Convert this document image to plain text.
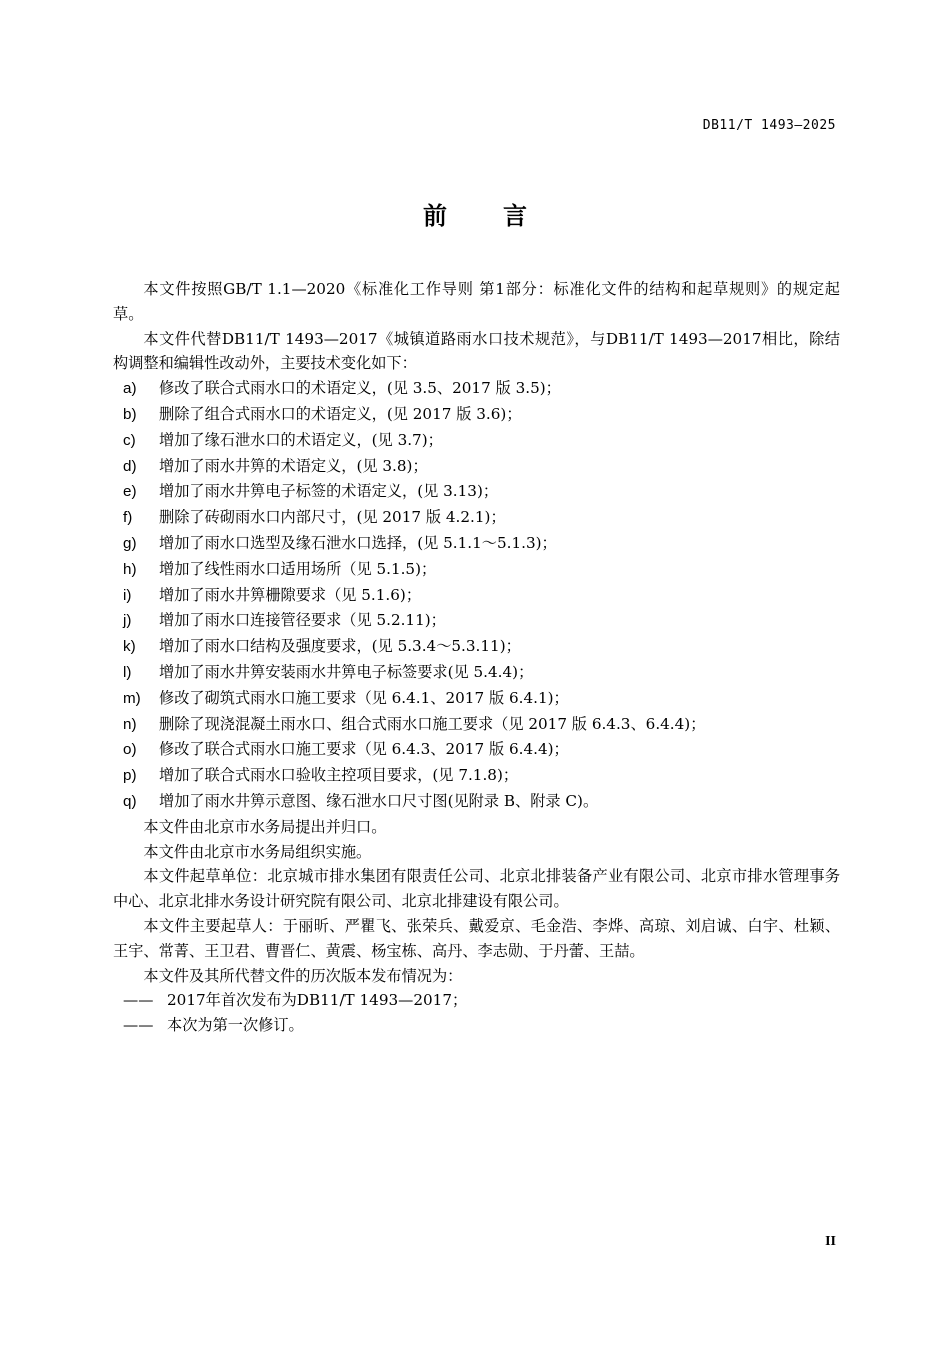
DB11/T 1493—2025
前言

本文件按照GB/T 1.1—2020《标准化工作导则 第1部分：标准化文件的结构和起草规则》的规定起草。

本文件代替DB11/T 1493—2017《城镇道路雨水口技术规范》，与DB11/T 1493—2017相比，除结构调整和编辑性改动外，主要技术变化如下：

a) 修改了联合式雨水口的术语定义，(见 3.5、2017 版 3.5)；

b) 删除了组合式雨水口的术语定义，(见 2017 版 3.6)；

c) 增加了缘石泄水口的术语定义，(见 3.7)；

d) 增加了雨水井箅的术语定义，(见 3.8)；

e) 增加了雨水井箅电子标签的术语定义，(见 3.13)；

f) 删除了砖砌雨水口内部尺寸，(见 2017 版 4.2.1)；

g) 增加了雨水口选型及缘石泄水口选择，(见 5.1.1～5.1.3)；

h) 增加了线性雨水口适用场所（见 5.1.5)；

i) 增加了雨水井箅栅隙要求（见 5.1.6)；

j) 增加了雨水口连接管径要求（见 5.2.11)；

k) 增加了雨水口结构及强度要求，(见 5.3.4～5.3.11)；

l) 增加了雨水井箅安装雨水井箅电子标签要求(见 5.4.4)；

m) 修改了砌筑式雨水口施工要求（见 6.4.1、2017 版 6.4.1)；

n) 删除了现浇混凝土雨水口、组合式雨水口施工要求（见 2017 版 6.4.3、6.4.4)；

o) 修改了联合式雨水口施工要求（见 6.4.3、2017 版 6.4.4)；

p) 增加了联合式雨水口验收主控项目要求，(见 7.1.8)；

q) 增加了雨水井箅示意图、缘石泄水口尺寸图(见附录 B、附录 C)。

本文件由北京市水务局提出并归口。

本文件由北京市水务局组织实施。

本文件起草单位：北京城市排水集团有限责任公司、北京北排装备产业有限公司、北京市排水管理事务中心、北京北排水务设计研究院有限公司、北京北排建设有限公司。

本文件主要起草人：于丽昕、严瞿飞、张荣兵、戴爱京、毛金浩、李烨、高琼、刘启诚、白宇、杜颖、王宇、常菁、王卫君、曹晋仁、黄震、杨宝栋、高丹、李志勋、于丹蕾、王喆。

本文件及其所代替文件的历次版本发布情况为：

—— 2017年首次发布为DB11/T 1493—2017；

—— 本次为第一次修订。

II
